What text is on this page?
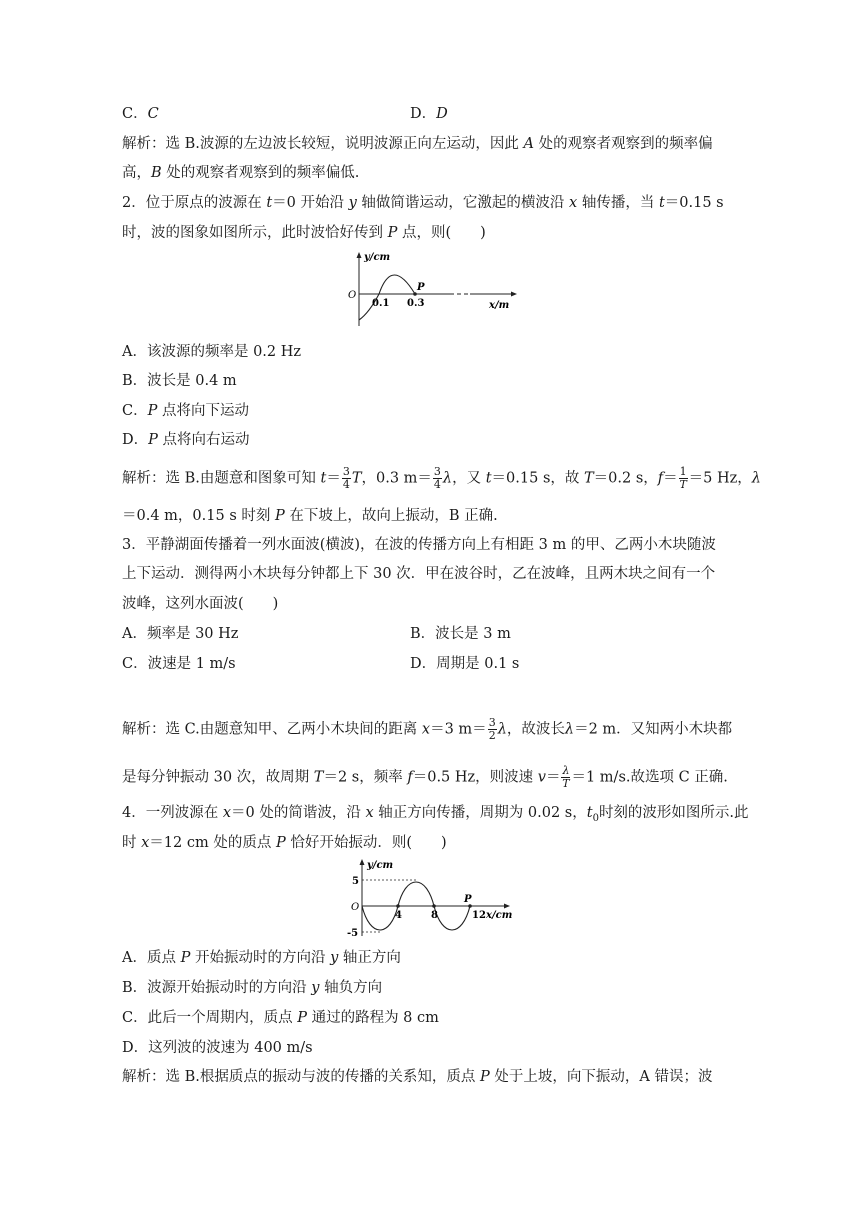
C．C	D．D
解析：选 B.波源的左边波长较短，说明波源正向左运动，因此 A 处的观察者观察到的频率偏
高，B 处的观察者观察到的频率偏低.
2．位于原点的波源在 t＝0 开始沿 y 轴做简谐运动，它激起的横波沿 x 轴传播，当 t＝0.15 s
时，波的图象如图所示，此时波恰好传到 P 点，则(　　)
y/cm
O
0.1 0.3
P
x/m
A．该波源的频率是 0.2 Hz
B．波长是 0.4 m
C．P 点将向下运动
D．P 点将向右运动
解析：选 B.由题意和图象可知 $t= \frac{3}{4}$ T，0.3 $m= \frac{3}{4}$ λ，又 t＝0.15 s，故 T＝0.2 s，$f= \frac{1}{T} =5$ Hz，λ
＝0.4 m，0.15 s 时刻 P 在下坡上，故向上振动，B 正确.
3．平静湖面传播着一列水面波(横波)，在波的传播方向上有相距 3 m 的甲、乙两小木块随波
上下运动．测得两小木块每分钟都上下 30 次．甲在波谷时，乙在波峰，且两木块之间有一个
波峰，这列水面波(　　)
A．频率是 30 Hz	B．波长是 3 m
C．波速是 1 m/s	D．周期是 0.1 s
解析：选 C.由题意知甲、乙两小木块间的距离 x＝3 $m= \frac{3}{2}$ λ，故波长λ＝2 m．又知两小木块都
是每分钟振动 30 次，故周期 T＝2 s，频率 f＝0.5 Hz，则波速 $v= \frac{\lambda}{T} =1$ m/s.故选项 C 正确.
4．一列波源在 x＝0 处的简谐波，沿 x 轴正方向传播，周期为 0.02 s，$t_0$时刻的波形如图所示.此
时 x＝12 cm 处的质点 P 恰好开始振动．则(　　)
y/cm
5
O
-5
4	8
P
12 x/cm
A．质点 P 开始振动时的方向沿 y 轴正方向
B．波源开始振动时的方向沿 y 轴负方向
C．此后一个周期内，质点 P 通过的路程为 8 cm
D．这列波的波速为 400 m/s
解析：选 B.根据质点的振动与波的传播的关系知，质点 P 处于上坡，向下振动，A 错误；波
